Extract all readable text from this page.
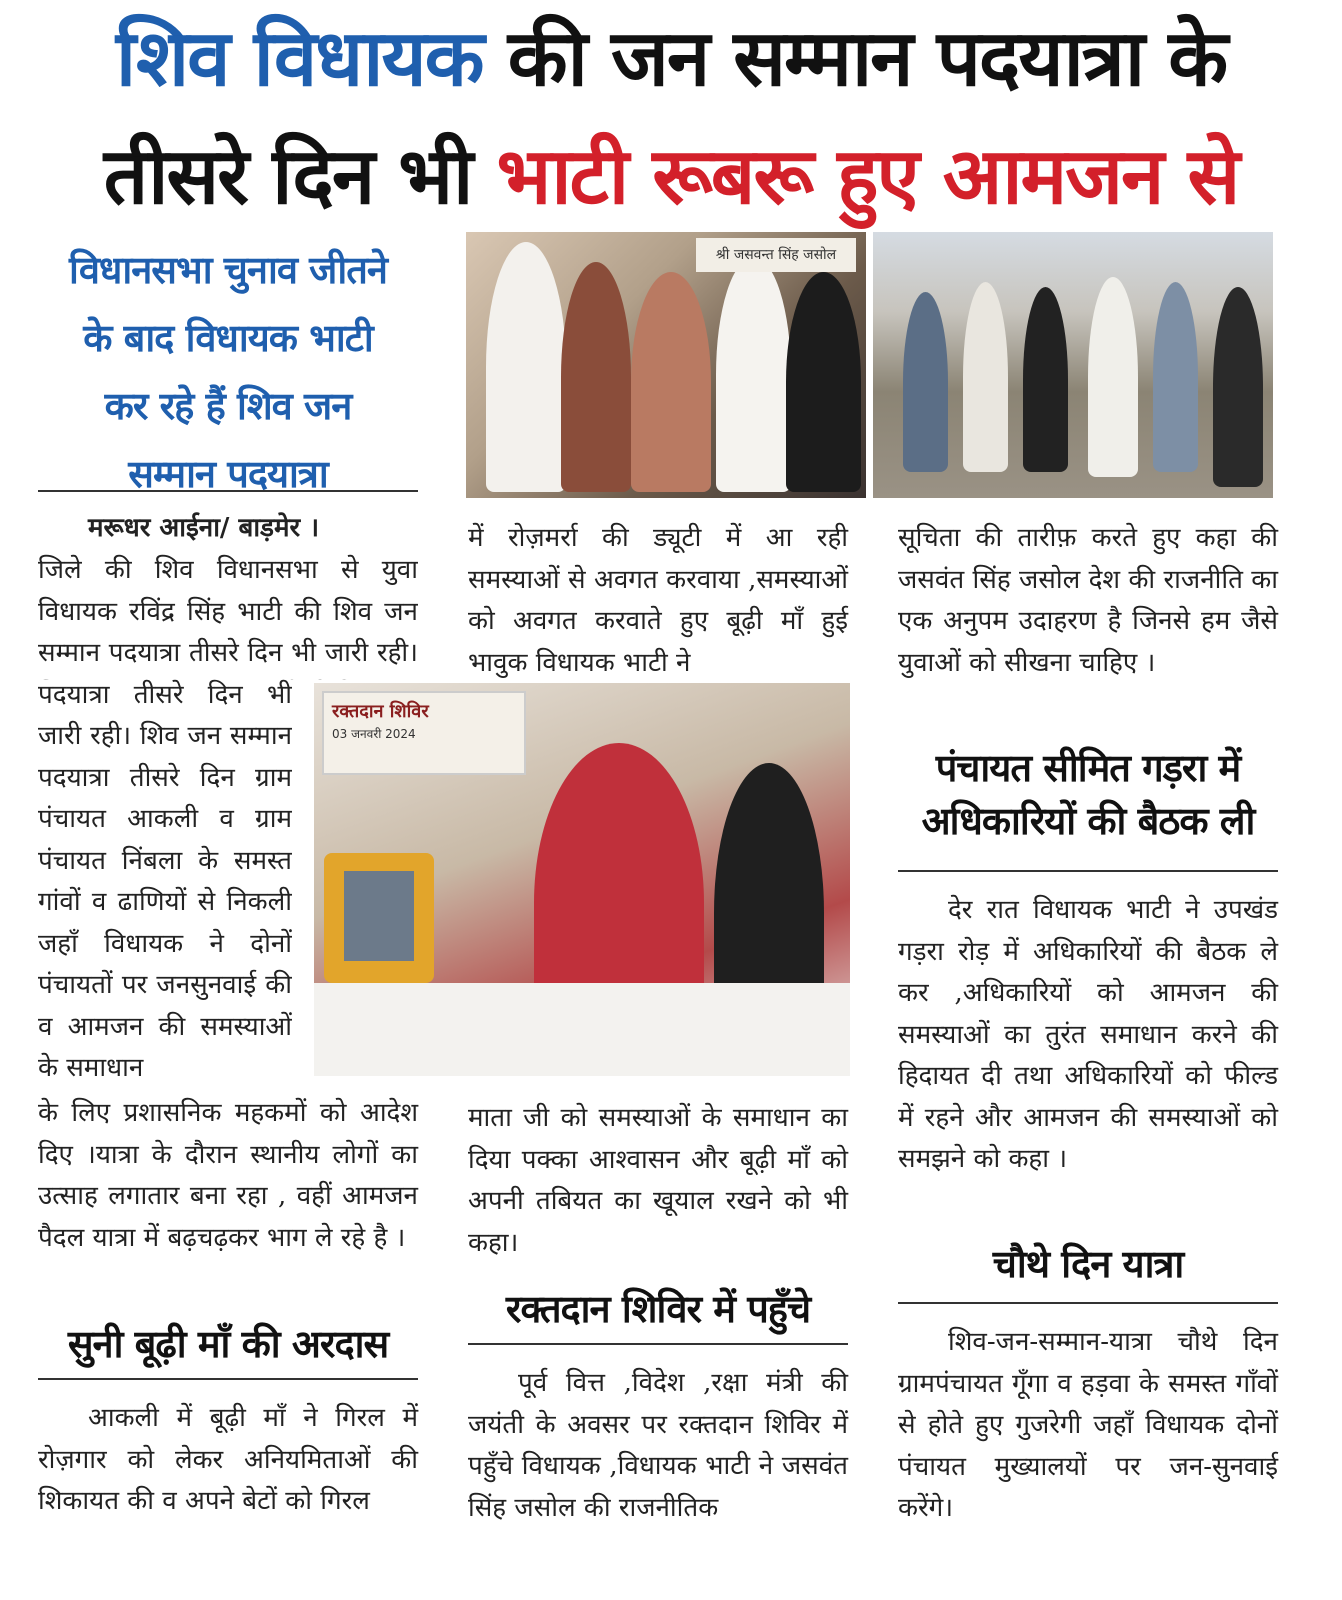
शिव विधायक की जन सम्मान पदयात्रा के
तीसरे दिन भी भाटी रूबरू हुए आमजन से
विधानसभा चुनाव जीतने
के बाद विधायक भाटी
कर रहे हैं शिव जन
सम्मान पदयात्रा
श्री जसवन्त सिंह जसोल
रक्तदान शिविर
03 जनवरी 2024

मरूधर आईना/ बाड़मेर ।

जिले की शिव विधानसभा से युवा विधायक रविंद्र सिंह भाटी की शिव जन सम्मान पदयात्रा तीसरे दिन भी जारी रही।

पदयात्रा तीसरे दिन भी जारी रही। शिव जन सम्मान पदयात्रा तीसरे दिन ग्राम पंचायत आकली व ग्राम पंचायत निंबला के समस्त गांवों व ढाणियों से निकली जहाँ विधायक ने दोनों पंचायतों पर जनसुनवाई की व आमजन की समस्याओं के समाधान

के लिए प्रशासनिक महकमों को आदेश दिए ।यात्रा के दौरान स्थानीय लोगों का उत्साह लगातार बना रहा , वहीं आमजन पैदल यात्रा में बढ़चढ़कर भाग ले रहे है ।

सुनी बूढ़ी माँ की अरदास

आकली में बूढ़ी माँ ने गिरल में रोज़गार को लेकर अनियमिताओं की शिकायत की व अपने बेटों को गिरल

में रोज़मर्रा की ड्यूटी में आ रही समस्याओं से अवगत करवाया ,समस्याओं को अवगत करवाते हुए बूढ़ी माँ हुई भावुक विधायक भाटी ने

माता जी को समस्याओं के समाधान का दिया पक्का आश्वासन और बूढ़ी माँ को अपनी तबियत का खूयाल रखने को भी कहा।

रक्तदान शिविर में पहुँचे

पूर्व वित्त ,विदेश ,रक्षा मंत्री की जयंती के अवसर पर रक्तदान शिविर में पहुँचे विधायक ,विधायक भाटी ने जसवंत सिंह जसोल की राजनीतिक

सूचिता की तारीफ़ करते हुए कहा की जसवंत सिंह जसोल देश की राजनीति का एक अनुपम उदाहरण है जिनसे हम जैसे युवाओं को सीखना चाहिए ।

पंचायत सीमित गड़रा में
अधिकारियों की बैठक ली

देर रात विधायक भाटी ने उपखंड गड़रा रोड़ में अधिकारियों की बैठक ले कर ,अधिकारियों को आमजन की समस्याओं का तुरंत समाधान करने की हिदायत दी तथा अधिकारियों को फील्ड में रहने और आमजन की समस्याओं को समझने को कहा ।

चौथे दिन यात्रा

शिव-जन-सम्मान-यात्रा चौथे दिन ग्रामपंचायत गूँगा व हड़वा के समस्त गाँवों से होते हुए गुजरेगी जहाँ विधायक दोनों पंचायत मुख्यालयों पर जन-सुनवाई करेंगे।
